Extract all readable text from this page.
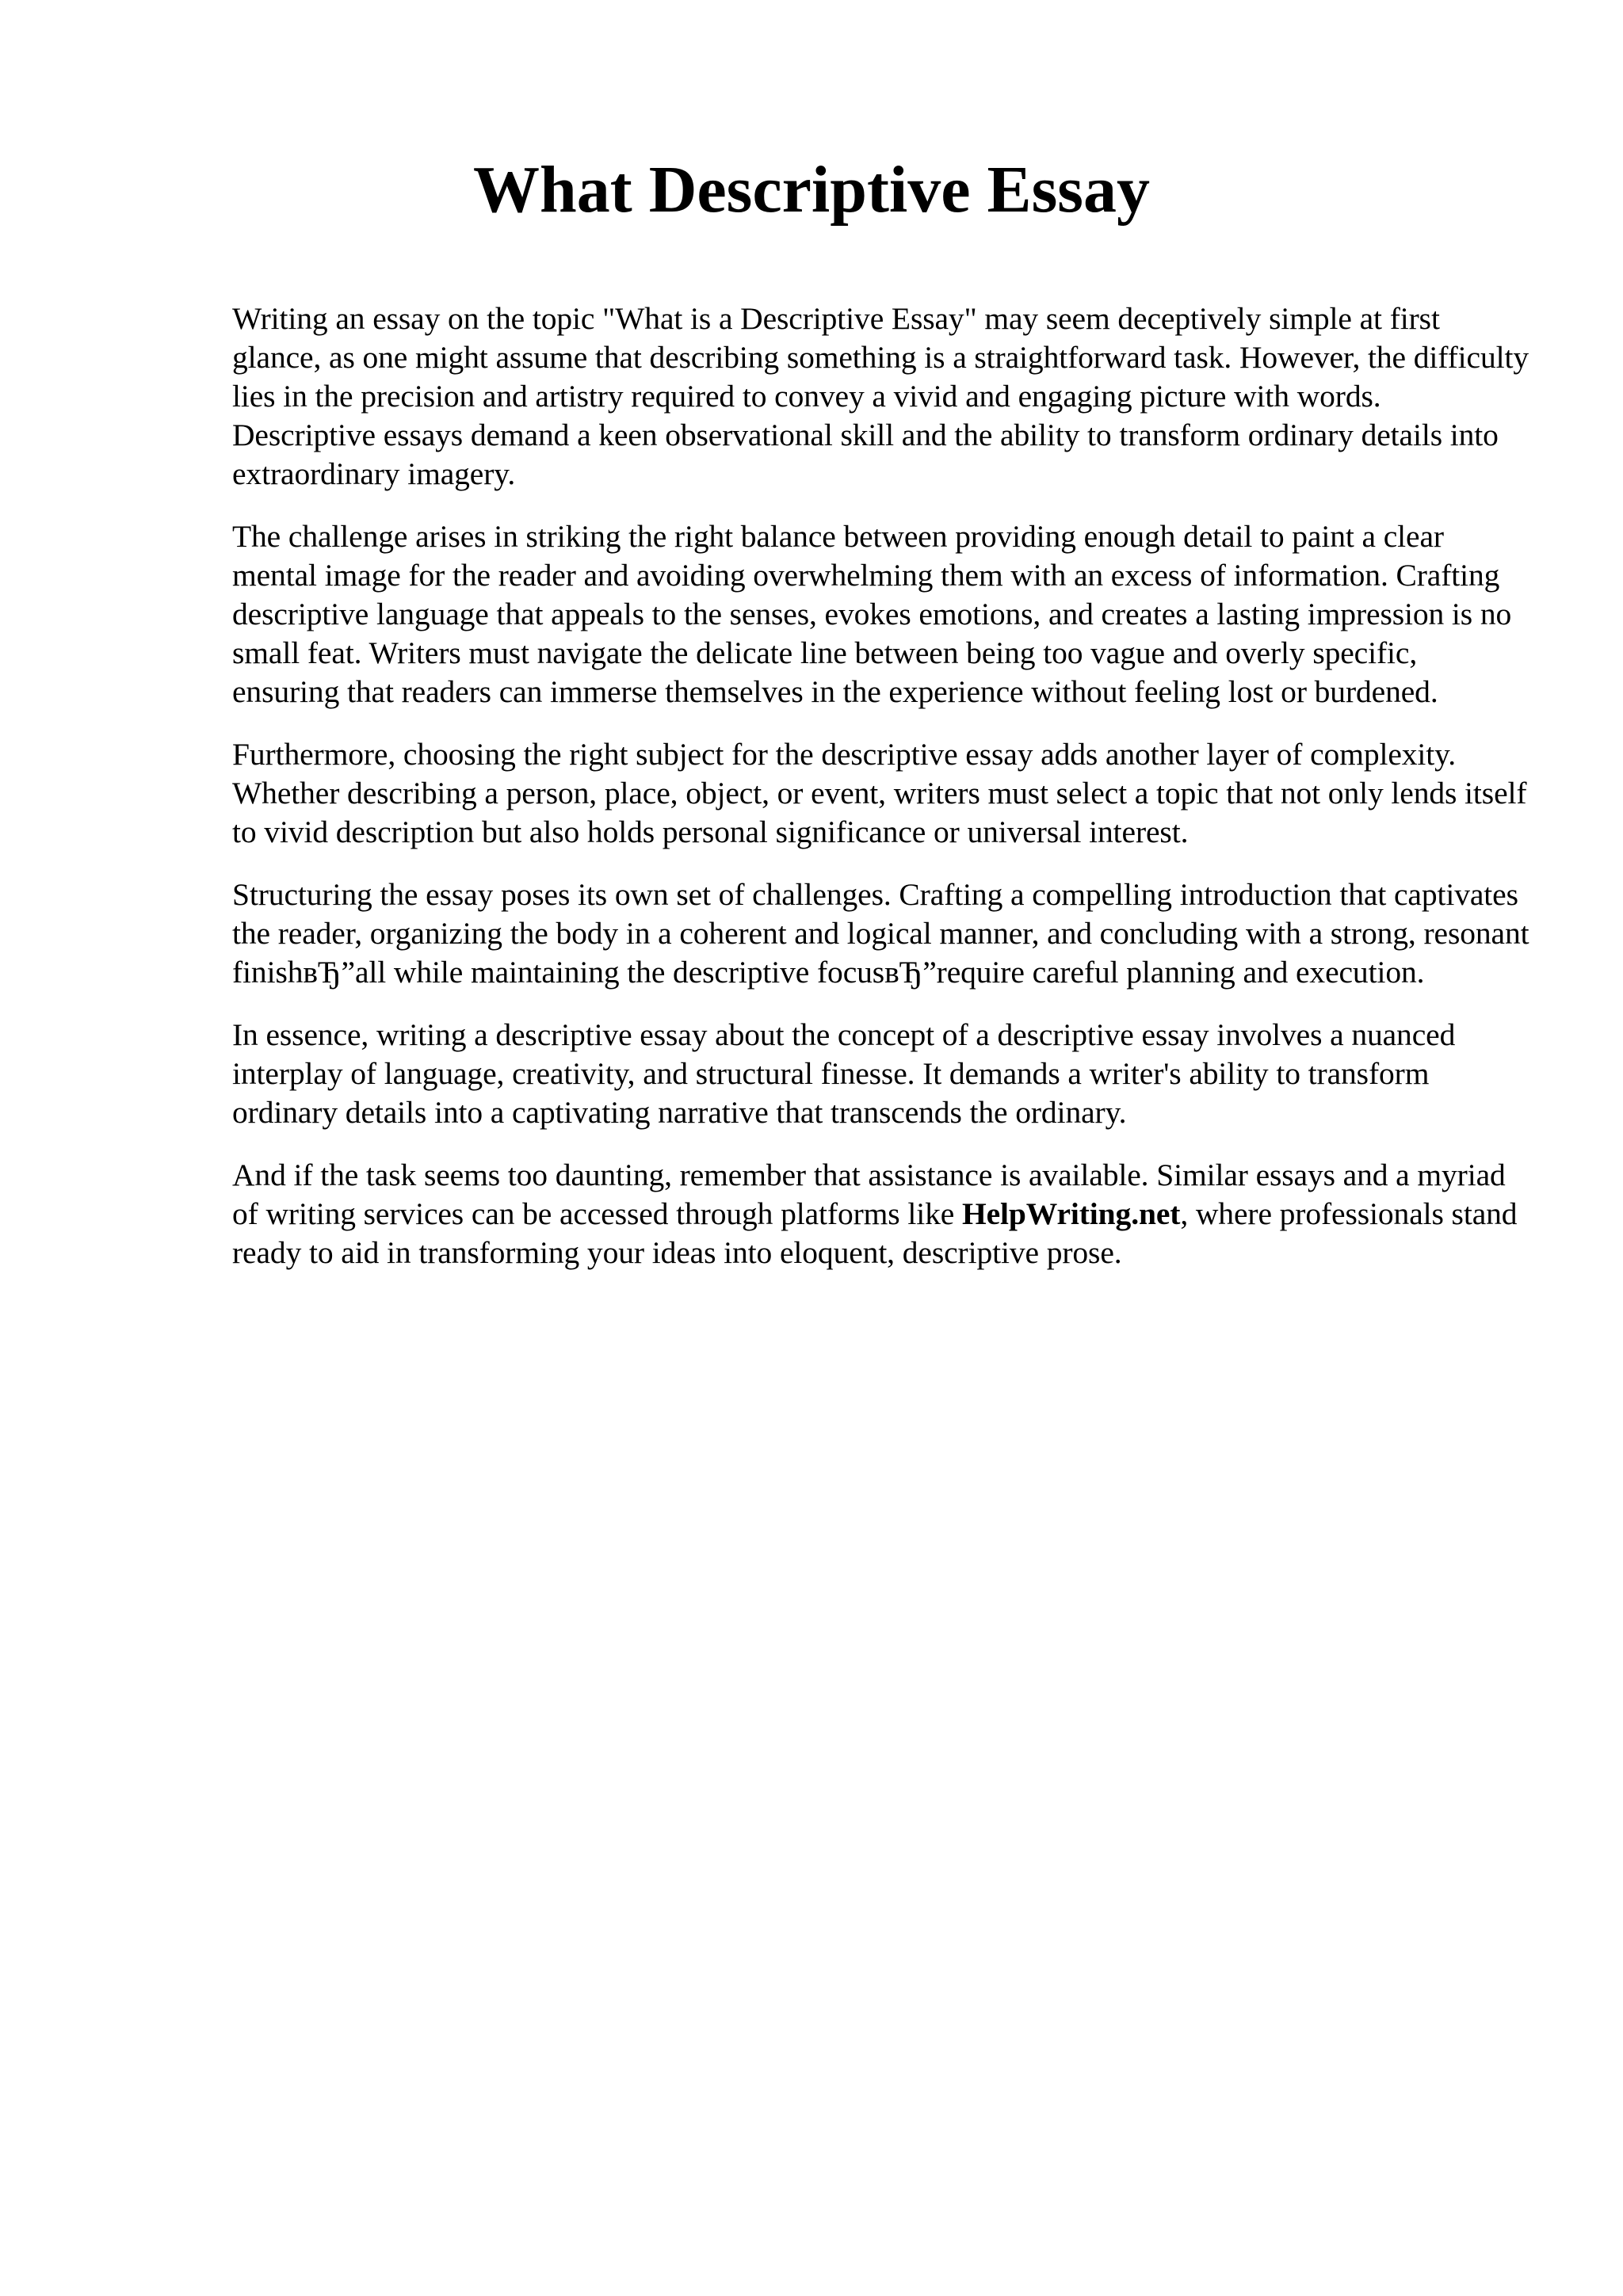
What Descriptive Essay

Writing an essay on the topic "What is a Descriptive Essay" may seem deceptively simple at first glance, as one might assume that describing something is a straightforward task. However, the difficulty lies in the precision and artistry required to convey a vivid and engaging picture with words. Descriptive essays demand a keen observational skill and the ability to transform ordinary details into extraordinary imagery.

The challenge arises in striking the right balance between providing enough detail to paint a clear mental image for the reader and avoiding overwhelming them with an excess of information. Crafting descriptive language that appeals to the senses, evokes emotions, and creates a lasting impression is no small feat. Writers must navigate the delicate line between being too vague and overly specific, ensuring that readers can immerse themselves in the experience without feeling lost or burdened.

Furthermore, choosing the right subject for the descriptive essay adds another layer of complexity. Whether describing a person, place, object, or event, writers must select a topic that not only lends itself to vivid description but also holds personal significance or universal interest.

Structuring the essay poses its own set of challenges. Crafting a compelling introduction that captivates the reader, organizing the body in a coherent and logical manner, and concluding with a strong, resonant finishвЂ”all while maintaining the descriptive focusвЂ”require careful planning and execution.

In essence, writing a descriptive essay about the concept of a descriptive essay involves a nuanced interplay of language, creativity, and structural finesse. It demands a writer's ability to transform ordinary details into a captivating narrative that transcends the ordinary.

And if the task seems too daunting, remember that assistance is available. Similar essays and a myriad of writing services can be accessed through platforms like HelpWriting.net, where professionals stand ready to aid in transforming your ideas into eloquent, descriptive prose.
